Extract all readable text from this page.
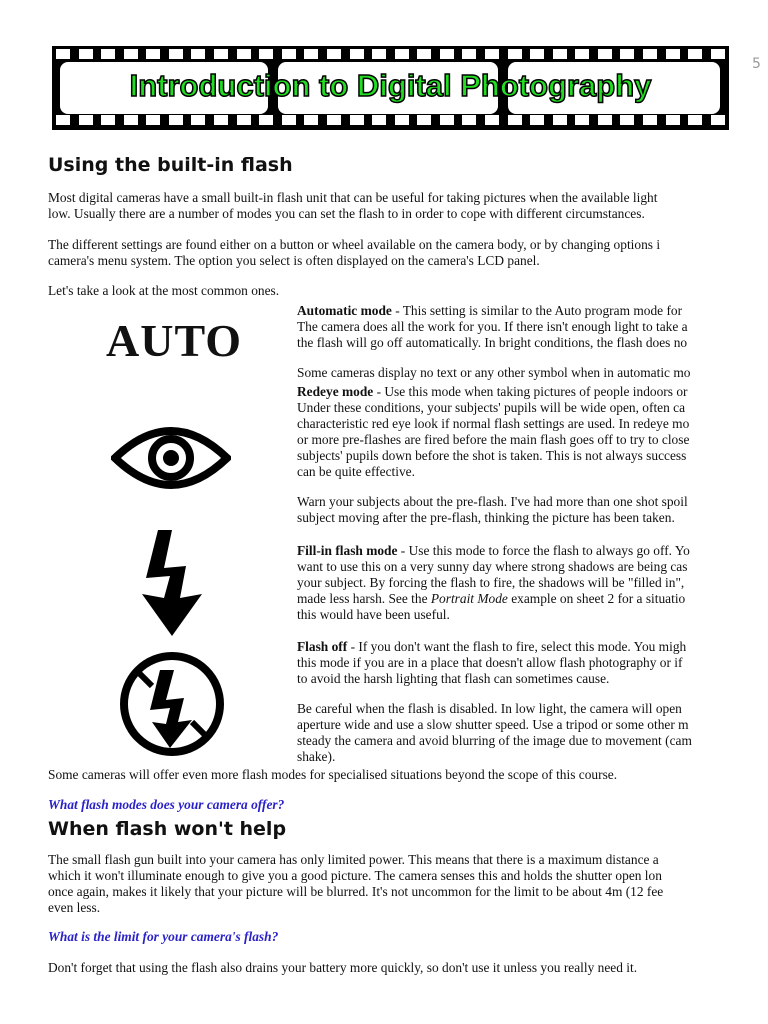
Introduction to Digital Photography
5
Using the built-in flash

Most digital cameras have a small built-in flash unit that can be useful for taking pictures when the available light

low. Usually there are a number of modes you can set the flash to in order to cope with different circumstances.

The different settings are found either on a button or wheel available on the camera body, or by changing options i

camera's menu system. The option you select is often displayed on the camera's LCD panel.

Let's take a look at the most common ones.

AUTO

Automatic mode - This setting is similar to the Auto program mode for

The camera does all the work for you. If there isn't enough light to take a

the flash will go off automatically. In bright conditions, the flash does no

Some cameras display no text or any other symbol when in automatic mo

Redeye mode - Use this mode when taking pictures of people indoors or

Under these conditions, your subjects' pupils will be wide open, often ca

characteristic red eye look if normal flash settings are used. In redeye mo

or more pre-flashes are fired before the main flash goes off to try to close

subjects' pupils down before the shot is taken. This is not always success

can be quite effective.

Warn your subjects about the pre-flash. I've had more than one shot spoil

subject moving after the pre-flash, thinking the picture has been taken.

Fill-in flash mode - Use this mode to force the flash to always go off. Yo

want to use this on a very sunny day where strong shadows are being cas

your subject. By forcing the flash to fire, the shadows will be "filled in",

made less harsh. See the Portrait Mode example on sheet 2 for a situatio

this would have been useful.

Flash off - If you don't want the flash to fire, select this mode. You migh

this mode if you are in a place that doesn't allow flash photography or if

to avoid the harsh lighting that flash can sometimes cause.

Be careful when the flash is disabled. In low light, the camera will open

aperture wide and use a slow shutter speed. Use a tripod or some other m

steady the camera and avoid blurring of the image due to movement (cam

shake).

Some cameras will offer even more flash modes for specialised situations beyond the scope of this course.

What flash modes does your camera offer?

When flash won't help

The small flash gun built into your camera has only limited power. This means that there is a maximum distance a

which it won't illuminate enough to give you a good picture. The camera senses this and holds the shutter open lon

once again, makes it likely that your picture will be blurred. It's not uncommon for the limit to be about 4m (12 fee

even less.

What is the limit for your camera's flash?

Don't forget that using the flash also drains your battery more quickly, so don't use it unless you really need it.
